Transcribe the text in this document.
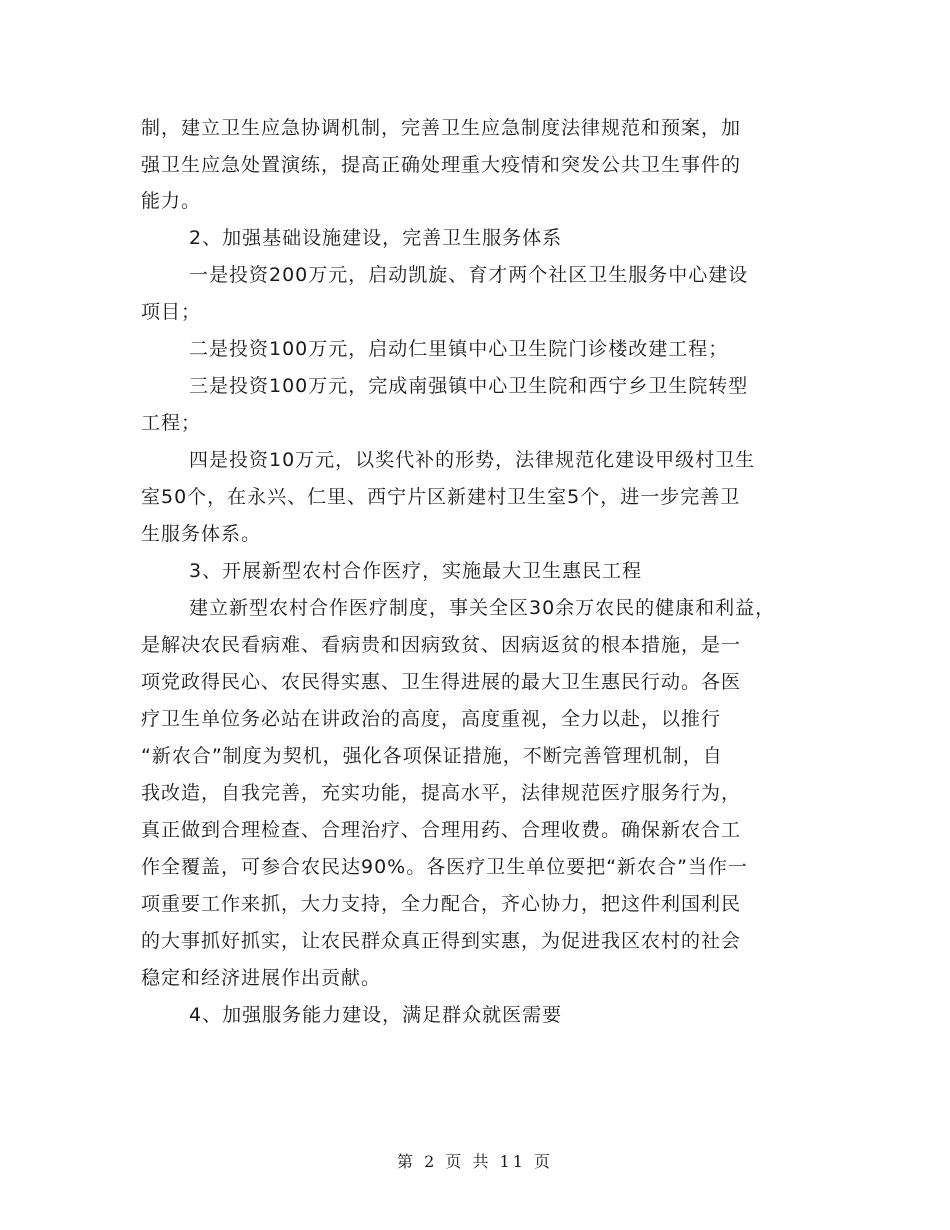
制，建立卫生应急协调机制，完善卫生应急制度法律规范和预案，加
强卫生应急处置演练，提高正确处理重大疫情和突发公共卫生事件的
能力。
2、加强基础设施建设，完善卫生服务体系
一是投资200万元，启动凯旋、育才两个社区卫生服务中心建设
项目；
二是投资100万元，启动仁里镇中心卫生院门诊楼改建工程；
三是投资100万元，完成南强镇中心卫生院和西宁乡卫生院转型
工程；
四是投资10万元，以奖代补的形势，法律规范化建设甲级村卫生
室50个，在永兴、仁里、西宁片区新建村卫生室5个，进一步完善卫
生服务体系。
3、开展新型农村合作医疗，实施最大卫生惠民工程
建立新型农村合作医疗制度，事关全区30余万农民的健康和利益，
是解决农民看病难、看病贵和因病致贫、因病返贫的根本措施，是一
项党政得民心、农民得实惠、卫生得进展的最大卫生惠民行动。各医
疗卫生单位务必站在讲政治的高度，高度重视，全力以赴，以推行
“新农合”制度为契机，强化各项保证措施，不断完善管理机制，自
我改造，自我完善，充实功能，提高水平，法律规范医疗服务行为，
真正做到合理检查、合理治疗、合理用药、合理收费。确保新农合工
作全覆盖，可参合农民达90%。各医疗卫生单位要把“新农合”当作一
项重要工作来抓，大力支持，全力配合，齐心协力，把这件利国利民
的大事抓好抓实，让农民群众真正得到实惠，为促进我区农村的社会
稳定和经济进展作出贡献。
4、加强服务能力建设，满足群众就医需要
第 2 页 共 11 页
